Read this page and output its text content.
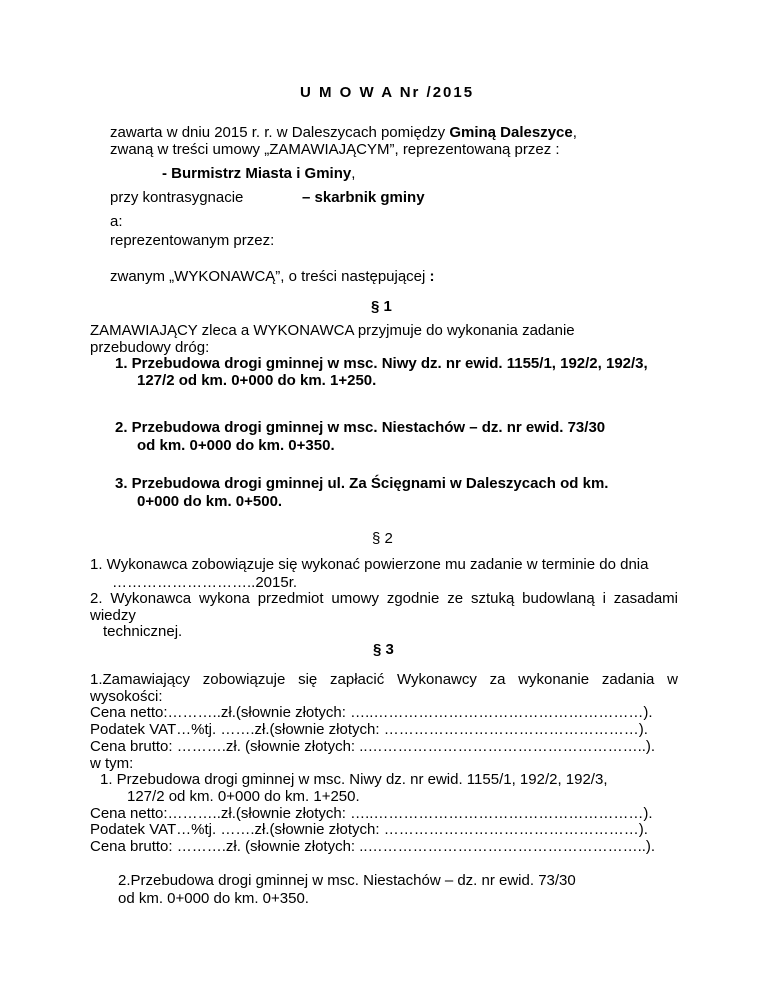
U M O W A Nr /2015
zawarta w dniu 2015 r. r. w Daleszycach pomiędzy Gminą Daleszyce,
zwaną w treści umowy „ZAMAWIAJĄCYM”, reprezentowaną przez :
- Burmistrz Miasta i Gminy,
przy kontrasygnacie	– skarbnik gminy
a:
reprezentowanym przez:
zwanym „WYKONAWCĄ”, o treści następującej :
§ 1
ZAMAWIAJĄCY zleca a WYKONAWCA przyjmuje do wykonania zadanie
przebudowy dróg:
1. Przebudowa drogi gminnej w msc. Niwy dz. nr ewid. 1155/1, 192/2, 192/3,
127/2 od km. 0+000 do km. 1+250.
2. Przebudowa drogi gminnej w msc. Niestachów – dz. nr ewid. 73/30
od km. 0+000 do km. 0+350.
3. Przebudowa drogi gminnej ul. Za Ścięgnami w Daleszycach od km.
0+000 do km. 0+500.
§ 2
1. Wykonawca zobowiązuje się wykonać powierzone mu zadanie w terminie do dnia
………………………..2015r.
2. Wykonawca wykona przedmiot umowy zgodnie ze sztuką budowlaną i zasadami
wiedzy
technicznej.
§ 3
1.Zamawiający zobowiązuje się zapłacić Wykonawcy za wykonanie zadania w
wysokości:
Cena netto:………..zł.(słownie złotych: …..………………………………………………).
Podatek VAT…%tj. …….zł.(słownie złotych: ……………………………………………).
Cena brutto: ……….zł. (słownie złotych: ..………………………………………………..).
w tym:
1. Przebudowa drogi gminnej w msc. Niwy dz. nr ewid. 1155/1, 192/2, 192/3,
127/2 od km. 0+000 do km. 1+250.
Cena netto:………..zł.(słownie złotych: …..………………………………………………).
Podatek VAT…%tj. …….zł.(słownie złotych: ……………………………………………).
Cena brutto: ……….zł. (słownie złotych: ..………………………………………………..).
2.Przebudowa drogi gminnej w msc. Niestachów – dz. nr ewid. 73/30
od km. 0+000 do km. 0+350.
